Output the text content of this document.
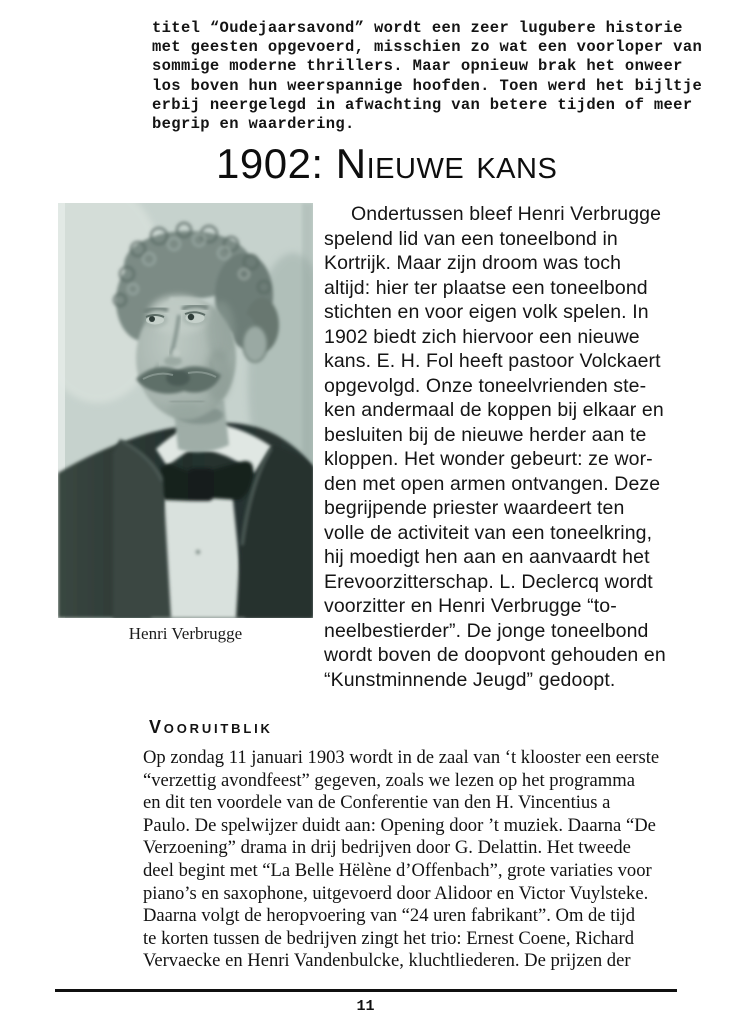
titel “Oudejaarsavond” wordt een zeer lugubere historie
met geesten opgevoerd, misschien zo wat een voorloper van
sommige moderne thrillers. Maar opnieuw brak het onweer
los boven hun weerspannige hoofden. Toen werd het bijltje
erbij neergelegd in afwachting van betere tijden of meer
begrip en waardering.
1902: Nieuwe kans
Henri Verbrugge
Ondertussen bleef Henri Verbrugge
spelend lid van een toneelbond in
Kortrijk. Maar zijn droom was toch
altijd: hier ter plaatse een toneelbond
stichten en voor eigen volk spelen. In
1902 biedt zich hiervoor een nieuwe
kans. E. H. Fol heeft pastoor Volckaert
opgevolgd. Onze toneelvrienden ste-
ken andermaal de koppen bij elkaar en
besluiten bij de nieuwe herder aan te
kloppen. Het wonder gebeurt: ze wor-
den met open armen ontvangen. Deze
begrijpende priester waardeert ten
volle de activiteit van een toneelkring,
hij moedigt hen aan en aanvaardt het
Erevoorzitterschap. L. Declercq wordt
voorzitter en Henri Verbrugge “to-
neelbestierder”. De jonge toneelbond
wordt boven de doopvont gehouden en
“Kunstminnende Jeugd” gedoopt.
Vooruitblik
Op zondag 11 januari 1903 wordt in de zaal van ‘t klooster een eerste
“verzettig avondfeest” gegeven, zoals we lezen op het programma
en dit ten voordele van de Conferentie van den H. Vincentius a
Paulo. De spelwijzer duidt aan: Opening door ’t muziek. Daarna “De
Verzoening” drama in drij bedrijven door G. Delattin. Het tweede
deel begint met “La Belle Hëlène d’Offenbach”, grote variaties voor
piano’s en saxophone, uitgevoerd door Alidoor en Victor Vuylsteke.
Daarna volgt de heropvoering van “24 uren fabrikant”. Om de tijd
te korten tussen de bedrijven zingt het trio: Ernest Coene, Richard
Vervaecke en Henri Vandenbulcke, kluchtliederen. De prijzen der
11
